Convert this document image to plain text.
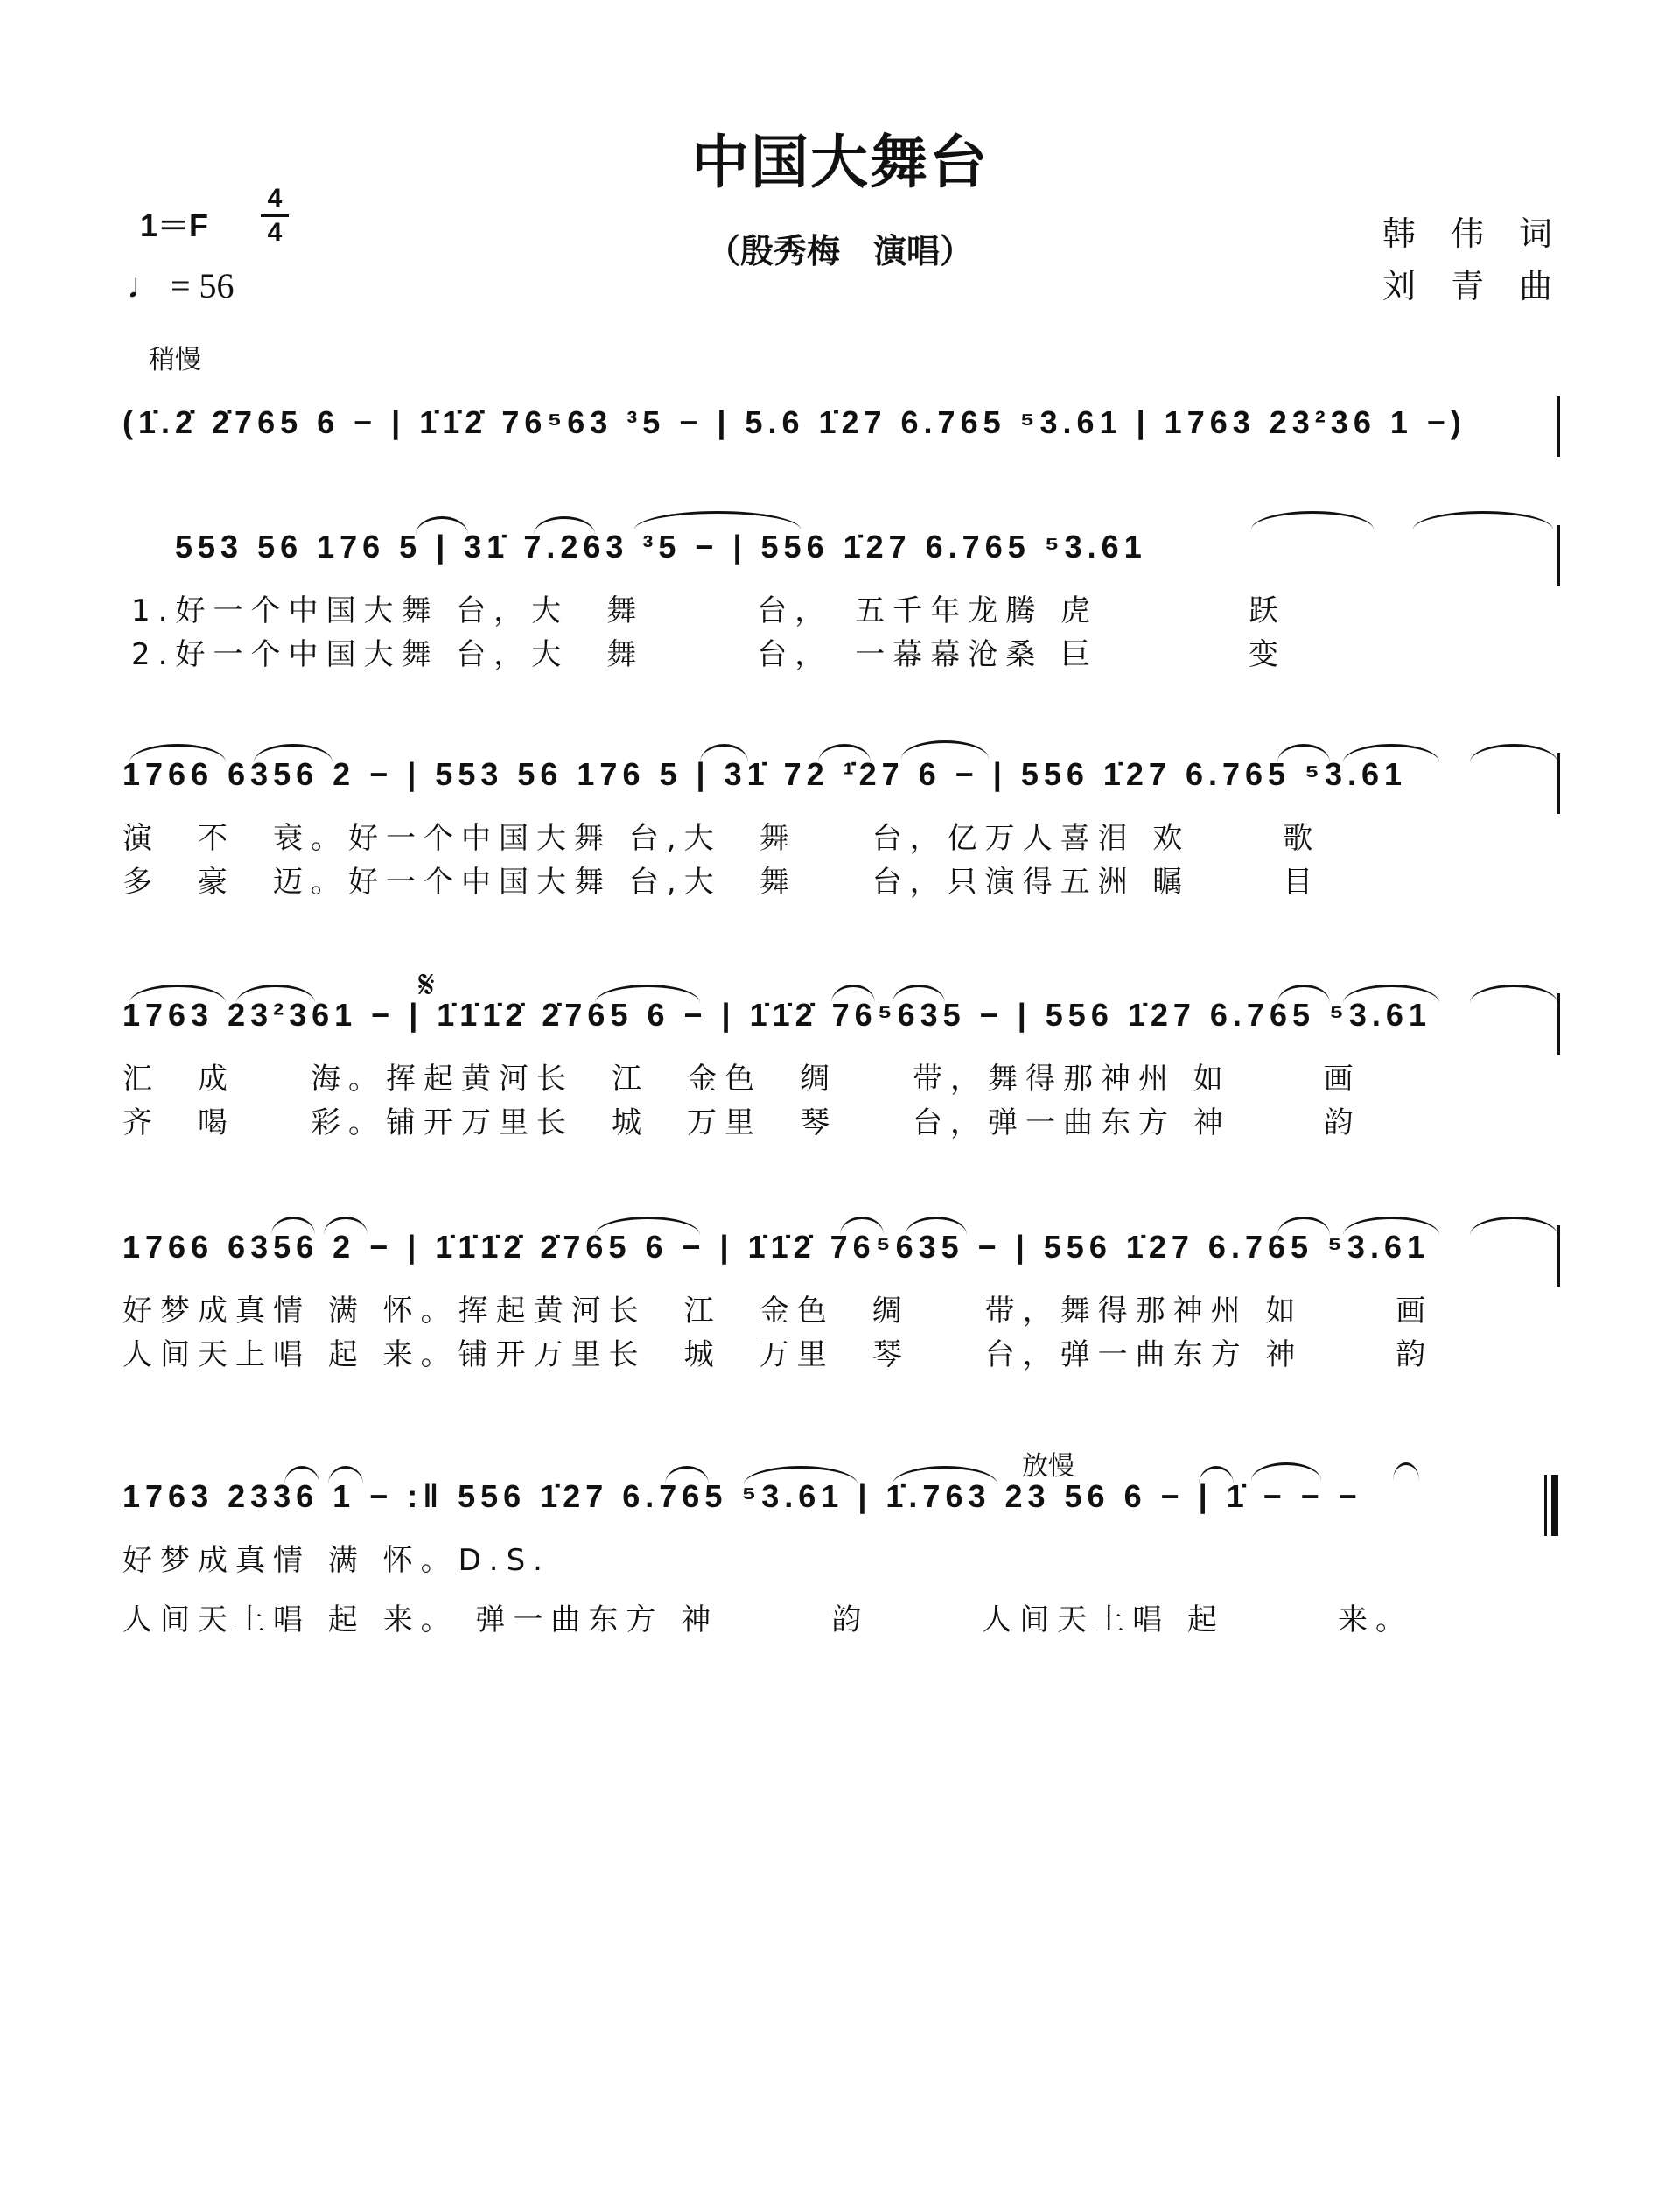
中国大舞台
（殷秀梅　演唱）
1＝F
4
4
♩ = 56
韩 伟 词
刘 青 曲
稍慢
放慢
𝄋
(1̇.2̇ 2̇765 6 − | 1̇1̇2̇ 76⁵63 ³5 − | 5.6 1̇27 6.765 ⁵3.61 | 1763 23²36 1 −)
553 56 176 5 | 31̇ 7.263 ³5 − | 556 1̇27 6.765 ⁵3.61
1.好一个中国大舞 台，大　舞　　　台，　五千年龙腾 虎　　　　跃
2.好一个中国大舞 台，大　舞　　　台，　一幕幕沧桑 巨　　　　变
1766 6356 2 − | 553 56 176 5 | 31̇ 72 ¹̇27 6 − | 556 1̇27 6.765 ⁵3.61
演　不　衰。好一个中国大舞 台,大　舞　　台，亿万人喜泪 欢　　 歌
多　豪　迈。好一个中国大舞 台,大　舞　　台，只演得五洲 瞩　　 目
1763 23²361 − | 1̇1̇1̇2̇ 2̇765 6 − | 1̇1̇2̇ 76⁵635 − | 556 1̇27 6.765 ⁵3.61
汇　成　　海。挥起黄河长　江　金色　绸　　带，舞得那神州 如　　 画
齐　喝　　彩。铺开万里长　城　万里　琴　　台，弹一曲东方 神　　 韵
1766 6356 2 − | 1̇1̇1̇2̇ 2̇765 6 − | 1̇1̇2̇ 76⁵635 − | 556 1̇27 6.765 ⁵3.61
好梦成真情 满 怀。挥起黄河长　江　金色　绸　　带，舞得那神州 如　　 画
人间天上唱 起 来。铺开万里长　城　万里　琴　　台，弹一曲东方 神　　 韵
1763 2336 1 − :‖ 556 1̇27 6.765 ⁵3.61 | 1̇.763 23 56 6 − | 1̇ − − −
好梦成真情 满 怀。D.S.
人间天上唱 起 来。 弹一曲东方 神　　　韵　　　人间天上唱 起　　　来。
